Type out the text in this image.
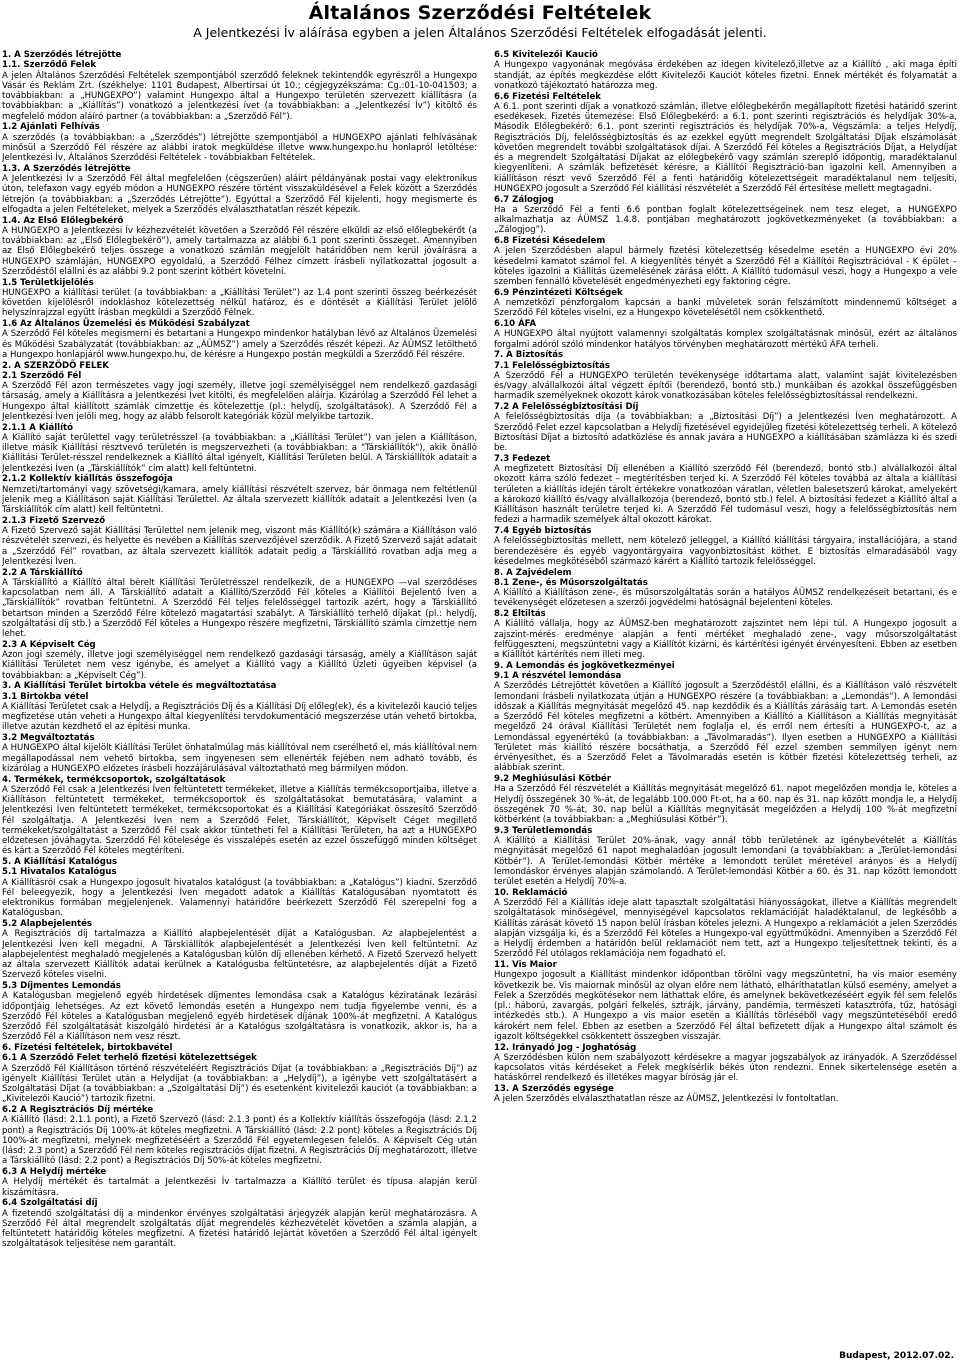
Általános Szerződési Feltételek
A Jelentkezési Ív aláírása egyben a jelen Általános Szerződési Feltételek elfogadását jelenti.
1. A Szerződés létrejötte
1.1. Szerződő Felek

A jelen Általános Szerződési Feltételek szempontjából szerződő feleknek tekintendők egyrészről a Hungexpo Vásár és Reklám Zrt. (székhelye: 1101 Budapest, Albertirsai út 10.; cégjegyzékszáma: Cg.:01-10-041503; a továbbiakban: a „HUNGEXPO”) valamint Hungexpo által a Hungexpo területén szervezett kiállításra (a továbbiakban: a „Kiállítás”) vonatkozó a jelentkezési ívet (a továbbiakban: a „Jelentkezési Ív”) kitöltő és megfelelő módon aláíró partner (a továbbiakban: a „Szerződő Fél”).

1.2 Ajánlati Felhívás

A szerződés (a továbbiakban: a „Szerződés”) létrejötte szempontjából a HUNGEXPO ajánlati felhívásának minősül a Szerződő Fél részére az alábbi iratok megküldése illetve www.hungexpo.hu honlapról letöltése: Jelentkezési Ív, Általános Szerződési Feltételek - továbbiakban Feltételek.

1.3. A Szerződés létrejötte

A Jelentkezési Ív a Szerződő Fél által megfelelően (cégszerűen) aláírt példányának postai vagy elektronikus úton, telefaxon vagy egyéb módon a HUNGEXPO részére történt visszaküldésével a Felek között a Szerződés létrejön (a továbbiakban: a „Szerződés Létrejötte”). Egyúttal a Szerződő Fél kijelenti, hogy megismerte és elfogadta a jelen Feltételeket, melyek a Szerződés elválaszthatatlan részét képezik.

1.4. Az Első Előlegbekérő

A HUNGEXPO a Jelentkezési Ív kézhezvételét követően a Szerződő Fél részére elküldi az első előlegbekérőt (a továbbiakban: az „Első Előlegbekérő”), amely tartalmazza az alábbi 6.1 pont szerinti összeget. Amennyiben az Első Előlegbekérő teljes összege a vonatkozó számlán megjelölt határidőben nem kerül jóváírásra a HUNGEXPO számláján, HUNGEXPO egyoldalú, a Szerződő Félhez címzett írásbeli nyilatkozattal jogosult a Szerződéstől elállni és az alábbi 9.2 pont szerint kötbért követelni.

1.5 Területkijelölés

HUNGEXPO a kiállítási terület (a továbbiakban: a „Kiállítási Terület”) az 1.4 pont szerinti összeg beérkezését követően kijelölésről indokláshoz kötelezettség nélkül határoz, és e döntését a Kiállítási Terület jelölő helyszínrajzzal együtt írásban megküldi a Szerződő Félnek.

1.6 Az Általános Üzemelési és Működési Szabályzat

A Szerződő Fél köteles megismerni és betartani a Hungexpo mindenkor hatályban lévő az Általános Üzemelési és Működési Szabályzatát (továbbiakban: az „ÁÜMSZ”) amely a Szerződés részét képezi. Az ÁÜMSZ letölthető a Hungexpo honlapjáról www.hungexpo.hu, de kérésre a Hungexpo postán megküldi a Szerződő Fél részére.

2. A SZERZŐDŐ FELEK
2.1 Szerződő Fél

A Szerződő Fél azon természetes vagy jogi személy, illetve jogi személyiséggel nem rendelkező gazdasági társaság, amely a Kiállításra a Jelentkezési Ívet kitölti, és megfelelően aláírja. Kizárólag a Szerződő Fél lehet a Hungexpo által kiállított számlák címzettje és kötelezettje (pl.: helydíj, szolgáltatások). A Szerződő Fél a Jelentkezési Íven jelöli meg, hogy az alább felsorolt kategóriák közül melyikbe tartozik.

2.1.1 A Kiállító

A Kiállító saját területtel vagy területrésszel (a továbbiakban: a „Kiállítási Terület”) van jelen a Kiállításon, illetve másik Kiállítási résztvevő területén is megszervezheti (a továbbiakban: a "Társkiállítók"), akik önálló Kiállítási Terület-résszel rendelkeznek a Kiállító által igényelt, Kiállítási Területen belül. A Társkiállítók adatait a Jelentkezési Íven (a „Társkiállítók” cím alatt) kell feltüntetni.

2.1.2 Kollektív kiállítás összefogója

Nemzeti/tartományi vagy szövetségi/kamara, amely kiállítási részvételt szervez, bár önmaga nem feltétlenül jelenik meg a Kiállításon saját Kiállítási Területtel. Az általa szervezett kiállítók adatait a Jelentkezési Íven (a Társkiállítók cím alatt) kell feltüntetni.

2.1.3 Fizető Szervező

A Fizető Szervező saját Kiállítási Területtel nem jelenik meg, viszont más Kiállító(k) számára a Kiállításon való részvételét szervezi, és helyette és nevében a Kiállítás szervezőjével szerződik. A Fizető Szervező saját adatait a „Szerződő Fél” rovatban, az általa szervezett kiállítók adatait pedig a Társkiállító rovatban adja meg a Jelentkezési Íven.

2.2 A Társkiállító

A Társkiállító a Kiállító által bérelt Kiállítási Területrésszel rendelkezik, de a HUNGEXPO —val szerződéses kapcsolatban nem áll. A Társkiállító adatait a Kiállító/Szerződő Fél köteles a Kiállítói Bejelentő Íven a „Társkiállítók” rovatban feltüntetni. A Szerződő Fél teljes felelősséggel tartozik azért, hogy a Társkiállító betartson minden a Szerződő Félre kötelező magatartási szabályt. A Társkiállító terhelő díjakat (pl.: helydíj, szolgáltatási díj stb.) a Szerződő Fél köteles a Hungexpo részére megfizetni, Társkiállító számla címzettje nem lehet.

2.3 A Képviselt Cég

Azon jogi személy, illetve jogi személyiséggel nem rendelkező gazdasági társaság, amely a Kiállításon saját Kiállítási Területet nem vesz igénybe, és amelyet a Kiállító vagy a Kiállító Üzleti ügyeiben képvisel (a továbbiakban: a „Képviselt Cég”).

3. A Kiállítási Terület birtokba vétele és megváltoztatása
3.1 Birtokba vétel

A Kiállítási Területet csak a Helydíj, a Regisztrációs Díj és a Kiállítási Díj előleg(ek), és a kivitelezői kaució teljes megfizetése után veheti a Hungexpo által kiegyenlítési tervdokumentáció megszerzése után vehető birtokba, illetve azután kezdhető el az építési munka.

3.2 Megváltoztatás

A HUNGEXPO által kijelölt Kiállítási Terület önhatalmúlag más kiállítóval nem cserélhető el, más kiállítóval nem megállapodással nem vehető birtokba, sem ingyenesen sem ellenérték fejében nem adható tovább, és kizárólag a HUNGEXPO előzetes írásbeli hozzájárulásával változtatható meg bármilyen módon.

4. Termékek, termékcsoportok, szolgáltatások

A Szerződő Fél csak a Jelentkezési Íven feltüntetett termékeket, illetve a Kiállítás termékcsoportjaiba, illetve a Kiállításon feltüntetett termékeket, termékcsoportok és szolgáltatásokat bemutatására, valamint a Jelentkezési Íven feltüntetett termékeket, termékcsoportokat és a Kiállítási Kategóriákat összesítő Szerződő Fél szolgáltatja. A Jelentkezési Íven nem a Szerződő Felet, Társkiállítót, Képviselt Céget megillető termékeket/szolgáltatást a Szerződő Fél csak akkor tüntetheti fel a Kiállítási Területen, ha azt a HUNGEXPO előzetesen jóváhagyta. Szerződő Fél kötelesége és visszalépés esetén az ezzel összefüggő minden költséget és kárt a Szerződő Fél köteles megtéríteni.

5. A Kiállítási Katalógus
5.1 Hivatalos Katalógus

A Kiállításról csak a Hungexpo jogosult hivatalos katalógust (a továbbiakban: a „Katalógus”) kiadni. Szerződő Fél beleegyezik, hogy a Jelentkezési Íven megadott adatok a Kiállítás Katalógusában nyomtatott és elektronikus formában megjelenjenek. Valamennyi határidőre beérkezett Szerződő Fél szerepelni fog a Katalógusban.

5.2 Alapbejelentés

A Regisztrációs díj tartalmazza a Kiállító alapbejelentését díját a Katalógusban. Az alapbejelentést a Jelentkezési Íven kell megadni. A Társkiállítók alapbejelentését a Jelentkezési Íven kell feltüntetni. Az alapbejelentést meghaladó megjelenés a Katalógusban külön díj ellenében kérhető. A Fizető Szervező helyett az általa szervezett Kiállítók adatai kerülnek a Katalógusba feltüntetésre, az alapbejelentés díját a Fizető Szervező köteles viselni.

5.3 Díjmentes Lemondás

A Katalógusban megjelenő egyéb hirdetések díjmentes lemondása csak a Katalógus kéziratának lezárási időpontjáig lehetséges. Az ezt követő lemondás esetén a Hungexpo nem tudja figyelembe venni, és a Szerződő Fél köteles a Katalógusban megjelenő egyéb hirdetések díjának 100%-át megfizetni. A Katalógus Szerződő Fél szolgáltatását kiszolgáló hirdetési ár a Katalógus szolgáltatásra is vonatkozik, akkor is, ha a Szerződő Fél a Kiállításon nem vesz részt.

6. Fizetési feltételek, birtokbavétel
6.1 A Szerződő Felet terhelő fizetési kötelezettségek

A Szerződő Fél Kiállításon történő részvételéért Regisztrációs Díjat (a továbbiakban: a „Regisztrációs Díj”) az igényelt Kiállítási Terület után a Helydíjat (a továbbiakban: a „Helydíj”), a igénybe vett szolgáltatásért a Szolgáltatási Díjat (a továbbiakban: a „Szolgáltatási Díj”) és esetenként kivitelezői kauciót (a továbbiakban: a „Kivitelezői Kaució”) tartozik fizetni.

6.2 A Regisztrációs Díj mértéke

A Kiállító (lásd: 2.1.1 pont), a Fizető Szervező (lásd: 2.1.3 pont) és a Kollektív kiállítás összefogója (lásd: 2.1.2 pont) a Regisztrációs Díj 100%-át köteles megfizetni. A Társkiállító (lásd: 2.2 pont) köteles a Regisztrációs Díj 100%-át megfizetni, melynek megfizetéséért a Szerződő Fél egyetemlegesen felelős. A Képviselt Cég után (lásd: 2.3 pont) a Szerződő Fél nem köteles regisztrációs díjat fizetni. A Regisztrációs Díj meghatározott, illetve a Társkiállító (lásd: 2.2 pont) a Regisztrációs Díj 50%-át köteles megfizetni.

6.3 A Helydíj mértéke

A Helydíj mértékét és tartalmát a Jelentkezési Ív tartalmazza a Kiállító terület és típusa alapján kerül kiszámításra.

6.4 Szolgáltatási díj

A fizetendő szolgáltatási díj a mindenkor érvényes szolgáltatási árjegyzék alapján kerül meghatározásra. A Szerződő Fél által megrendelt szolgáltatás díját megrendelés kézhezvételét követően a számla alapján, a feltüntetett határidőig köteles megfizetni. A fizetési határidő lejártát követően a Szerződő Fél által igényelt szolgáltatások teljesítése nem garantált.

6.5 Kivitelezői Kaució

A Hungexpo vagyonának megóvása érdekében az idegen kivitelező,illetve az a Kiállító , aki maga építi standját, az építés megkezdése előtt Kivitelezői Kauciót köteles fizetni. Ennek mértékét és folyamatát a vonatkozó tájékoztató határozza meg.

6.6 Fizetési Feltételek

A 6.1. pont szerinti díjak a vonatkozó számlán, illetve előlegbekérőn megállapított fizetési határidő szerint esedékesek. Fizetés ütemezése: Első Előlegbekérő: a 6.1. pont szerinti regisztrációs és helydíjak 30%-a, Második Előlegbekérő: 6.1. pont szerinti regisztrációs és helydíjak 70%-a, Végszámla: a teljes Helydíj, Regisztrációs Díj, felelősségbiztosítás és az ezekkel együtt megrendelt Szolgáltatási Díjak elszámolását követően megrendelt további szolgáltatások díjai. A Szerződő Fél köteles a Regisztrációs Díjat, a Helydíjat és a megrendelt Szolgáltatási Díjakat az előlegbekérő vagy számlán szereplő időpontig, maradéktalanul kiegyenlíteni. A számlák befizetését kérésre, a Kiállítói Regisztráció-ban igazolni kell. Amennyiben a kiállításon részt vevő Szerződő Fél a fenti határidőig kötelezettségeit maradéktalanul nem teljesíti, HUNGEXPO jogosult a Szerződő Fél kiállítási részvételét a Szerződő Fél értesítése mellett megtagadni.

6.7 Zálogjog

Ha a Szerződő Fél a fenti 6.6 pontban foglalt kötelezettségeinek nem tesz eleget, a HUNGEXPO alkalmazhatja az ÁÜMSZ 1.4.8. pontjában meghatározott jogkövetkezményeket (a továbbiakban: a „Zálogjog”).

6.8 Fizetési Késedelem

A jelen Szerződésben alapul bármely fizetési kötelezettség késedelme esetén a HUNGEXPO évi 20% késedelmi kamatot számol fel. A kiegyenlítés tényét a Szerződő Fél a Kiállítói Regisztrációval - K épület – köteles igazolni a Kiállítás üzemelésének zárása előtt. A Kiállító tudomásul veszi, hogy a Hungexpo a vele szemben fennálló követelését engedményezheti egy faktoring cégre.

6.9 Pénzintézeti Költségek

A nemzetközi pénzforgalom kapcsán a banki műveletek során felszámított mindennemű költséget a Szerződő Fél köteles viselni, ez a Hungexpo követelésétől nem csökkenthető.

6.10 ÁFA

A HUNGEXPO által nyújtott valamennyi szolgáltatás komplex szolgáltatásnak minősül, ezért az általános forgalmi adóról szóló mindenkor hatályos törvényben meghatározott mértékű ÁFA terheli.

7. A Biztosítás
7.1 Felelősségbiztosítás

A Szerződő Fél a HUNGEXPO területén tevékenysége időtartama alatt, valamint saját kivitelezésben és/vagy alvállalkozói által végzett építői (berendező, bontó stb.) munkáiban és azokkal összefüggésben harmadik személyeknek okozott károk vonatkozásában köteles felelősségbiztosítással rendelkezni.

7.2 A Felelősségbiztosítási Díj

A felelősségbiztosítás díja (a továbbiakban: a „Biztosítási Díj”) a Jelentkezési Íven meghatározott. A Szerződő Felet ezzel kapcsolatban a Helydíj fizetésével egyidejűleg fizetési kötelezettség terheli. A kötelező Biztosítási Díjat a biztosító adatközlése és annak javára a HUNGEXPO a kiállításában számlázza ki és szedi be.

7.3 Fedezet

A megfizetett Biztosítási Díj ellenében a Kiállító szerződő Fél (berendező, bontó stb.) alvállalkozói által okozott kárra szóló fedezet – megtérítésben terjed ki. A Szerződő Fél köteles továbbá az általa a kiállítási területen a kiállítás idején tárolt értékekre vonatkozóan váratlan, véletlen balesetszerű károkat, amelyekért a károkozó kiállító és/vagy alvállalkozója (berendező, bontó stb.) felel. A biztosítási fedezet a Kiállító által a Kiállításon használt területre terjed ki. A Szerződő Fél tudomásul veszi, hogy a felelősségbiztosítás nem fedezi a harmadik személyek által okozott károkat.

7.4 Egyéb biztosítás

A felelősségbiztosítás mellett, nem kötelező jelleggel, a Kiállító kiállítási tárgyaira, installációjára, a stand berendezésére és egyéb vagyontárgyaira vagyonbiztosítást köthet. E biztosítás elmaradásából vagy késedelmes megkötéséből származó kárért a Kiállító tartozik felelősséggel.

8. A Zajvédelem
8.1 Zene-, és Műsorszolgáltatás

A Kiállító a Kiállításon zene-, és műsorszolgáltatás során a hatályos ÁÜMSZ rendelkezéseit betartani, és e tevékenységét előzetesen a szerzői jogvédelmi hatóságnál bejelenteni köteles.

8.2 Eltiltás

A Kiállító vállalja, hogy az ÁÜMSZ-ben meghatározott zajszintet nem lépi túl. A Hungexpo jogosult a zajszint-mérés eredménye alapján a fenti mértéket meghaladó zene-, vagy műsorszolgáltatást felfüggeszteni, megszüntetni vagy a Kiállítót kizárni, és kártérítési igényét érvényesíteni. Ebben az esetben a Kiállítót kártérítés nem illeti meg.

9. A Lemondás és jogkövetkezményei
9.1 A részvétel lemondása

A Szerződés Létrejöttét követően a Kiállító jogosult a Szerződéstől elállni, és a Kiállításon való részvételt lemondani írásbeli nyilatkozata útján a HUNGEXPO részére (a továbbiakban: a „Lemondás”). A lemondási időszak a Kiállítás megnyitását megelőző 45. nap kezdődik és a Kiállítás zárásáig tart. A Lemondás esetén a Szerződő Fél köteles megfizetni a kötbért. Amennyiben a Kiállító a Kiállításon a Kiállítás megnyitását megelőző 24 órával Kiállítási Területét nem foglalja el, és erről nem értesíti a HUNGEXPO-t, az a Lemondással egyenértékű (a továbbiakban: a „Távolmaradás”). Ilyen esetben a HUNGEXPO a Kiállítási Területet más kiállító részére bocsáthatja, a Szerződő Fél ezzel szemben semmilyen igényt nem érvényesíthet, és a Szerződő Felet a Távolmaradás esetén is kötbér fizetési kötelezettség terheli, az alábbiak szerint.

9.2 Meghiúsulási Kötbér

Ha a Szerződő Fél részvételét a Kiállítás megnyitását megelőző 61. napot megelőzően mondja le, köteles a Helydíj összegének 30 %-át, de legalább 100.000 Ft-ot, ha a 60. nap és 31. nap között mondja le, a Helydíj összegének 70 %-át, 30. nap belül a Kiállítás megnyitását megelőzően a Helydíj 100 %-át megfizetni kötbérként (a továbbiakban: a „Meghiúsulási Kötbér”).

9.3 Területlemondás

A Kiállító a Kiállítási Terület 20%-ának, vagy annál több területének az igénybevételét a Kiállítás megnyitását megelőző 61 napot meghaladóan jogosult lemondani (a továbbiakban: a „Terület-lemondási Kötbér”). A Terület-lemondási Kötbér mértéke a lemondott terület méretével arányos és a Helydíj lemondáskor érvényes alapján számolandó. A Terület-lemondási Kötbér a 60. és 31. nap között lemondott terület esetén a Helydíj 70%-a.

10. Reklamáció

A Szerződő Fél a Kiállítás ideje alatt tapasztalt szolgáltatási hiányosságokat, illetve a Kiállítás megrendelt szolgáltatások minőségével, mennyiségével kapcsolatos reklamációját haladéktalanul, de legkésőbb a Kiállítás zárását követő 15 napon belül írásban köteles jelezni. A Hungexpo a reklamációt a jelen Szerződés alapján vizsgálja ki, és a Szerződő Fél köteles a Hungexpo-val együttműködni. Amennyiben a Szerződő Fél a Helydíj érdemben a határidőn belül reklamációt nem tett, azt a Hungexpo teljesítettnek tekinti, és a Szerződő Fél utólagos reklamációja nem fogadható el.

11. Vis Maior

Hungexpo jogosult a Kiállítást mindenkor időpontban törölni vagy megszüntetni, ha vis maior esemény következik be. Vis maiornak minősül az olyan előre nem látható, elháríthatatlan külső esemény, amelyet a Felek a Szerződés megkötésekor nem láthattak előre, és amelynek bekövetkezéséért egyik fél sem felelős (pl.: háború, zavargás, polgári felkelés, sztrájk, járvány, pandémia, természeti katasztrófa, tűz, hatósági intézkedés stb.). A Hungexpo a vis maior esetén a Kiállítás törléséből vagy megszüntetéséből eredő károkért nem felel. Ebben az esetben a Szerződő Fél által befizetett díjak a Hungexpo által számolt és igazolt költségekkel csökkentett összegben visszajár.

12. Irányadó Jog - Joghatóság

A Szerződésben külön nem szabályozott kérdésekre a magyar jogszabályok az irányadók. A Szerződéssel kapcsolatos vitás kérdéseket a Felek megkísérlik békés úton rendezni. Ennek sikertelensége esetén a hatáskörrel rendelkező és illetékes magyar bíróság jár el.

13. A Szerződés egysége

A jelen Szerződés elválaszthatatlan része az ÁÜMSZ, Jelentkezési Ív fontoltatlan.

Budapest, 2012.07.02.
